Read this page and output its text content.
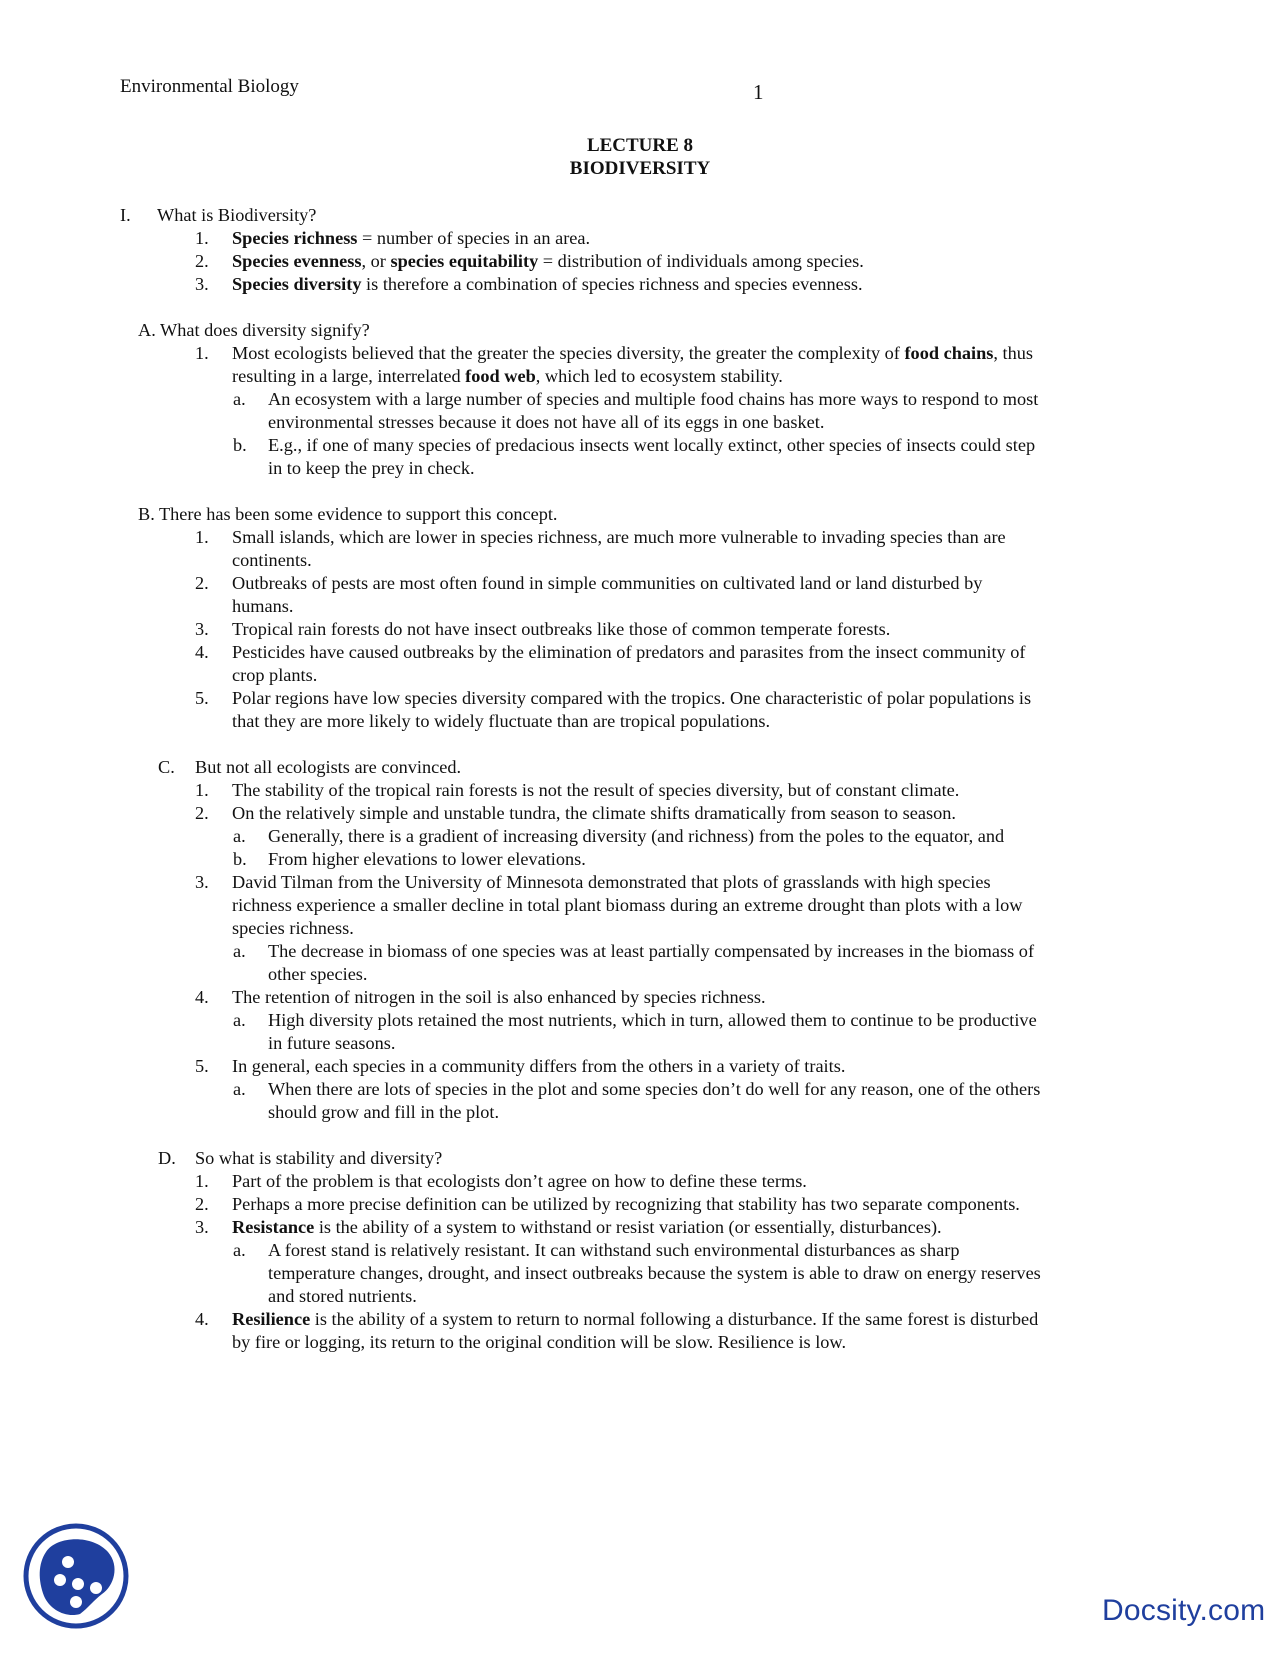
Environmental Biology	1
LECTURE 8
BIODIVERSITY
I. What is Biodiversity?
1. Species richness = number of species in an area.
2. Species evenness, or species equitability = distribution of individuals among species.
3. Species diversity is therefore a combination of species richness and species evenness.
A. What does diversity signify?
1. Most ecologists believed that the greater the species diversity, the greater the complexity of food chains, thus
resulting in a large, interrelated food web, which led to ecosystem stability.
a. An ecosystem with a large number of species and multiple food chains has more ways to respond to most
environmental stresses because it does not have all of its eggs in one basket.
b. E.g., if one of many species of predacious insects went locally extinct, other species of insects could step
in to keep the prey in check.
B. There has been some evidence to support this concept.
1. Small islands, which are lower in species richness, are much more vulnerable to invading species than are
continents.
2. Outbreaks of pests are most often found in simple communities on cultivated land or land disturbed by
humans.
3. Tropical rain forests do not have insect outbreaks like those of common temperate forests.
4. Pesticides have caused outbreaks by the elimination of predators and parasites from the insect community of
crop plants.
5. Polar regions have low species diversity compared with the tropics. One characteristic of polar populations is
that they are more likely to widely fluctuate than are tropical populations.
C. But not all ecologists are convinced.
1. The stability of the tropical rain forests is not the result of species diversity, but of constant climate.
2. On the relatively simple and unstable tundra, the climate shifts dramatically from season to season.
a. Generally, there is a gradient of increasing diversity (and richness) from the poles to the equator, and
b. From higher elevations to lower elevations.
3. David Tilman from the University of Minnesota demonstrated that plots of grasslands with high species
richness experience a smaller decline in total plant biomass during an extreme drought than plots with a low
species richness.
a. The decrease in biomass of one species was at least partially compensated by increases in the biomass of
other species.
4. The retention of nitrogen in the soil is also enhanced by species richness.
a. High diversity plots retained the most nutrients, which in turn, allowed them to continue to be productive
in future seasons.
5. In general, each species in a community differs from the others in a variety of traits.
a. When there are lots of species in the plot and some species don’t do well for any reason, one of the others
should grow and fill in the plot.
D. So what is stability and diversity?
1. Part of the problem is that ecologists don’t agree on how to define these terms.
2. Perhaps a more precise definition can be utilized by recognizing that stability has two separate components.
3. Resistance is the ability of a system to withstand or resist variation (or essentially, disturbances).
a. A forest stand is relatively resistant. It can withstand such environmental disturbances as sharp
temperature changes, drought, and insect outbreaks because the system is able to draw on energy reserves
and stored nutrients.
4. Resilience is the ability of a system to return to normal following a disturbance. If the same forest is disturbed
by fire or logging, its return to the original condition will be slow. Resilience is low.
Docsity.com
